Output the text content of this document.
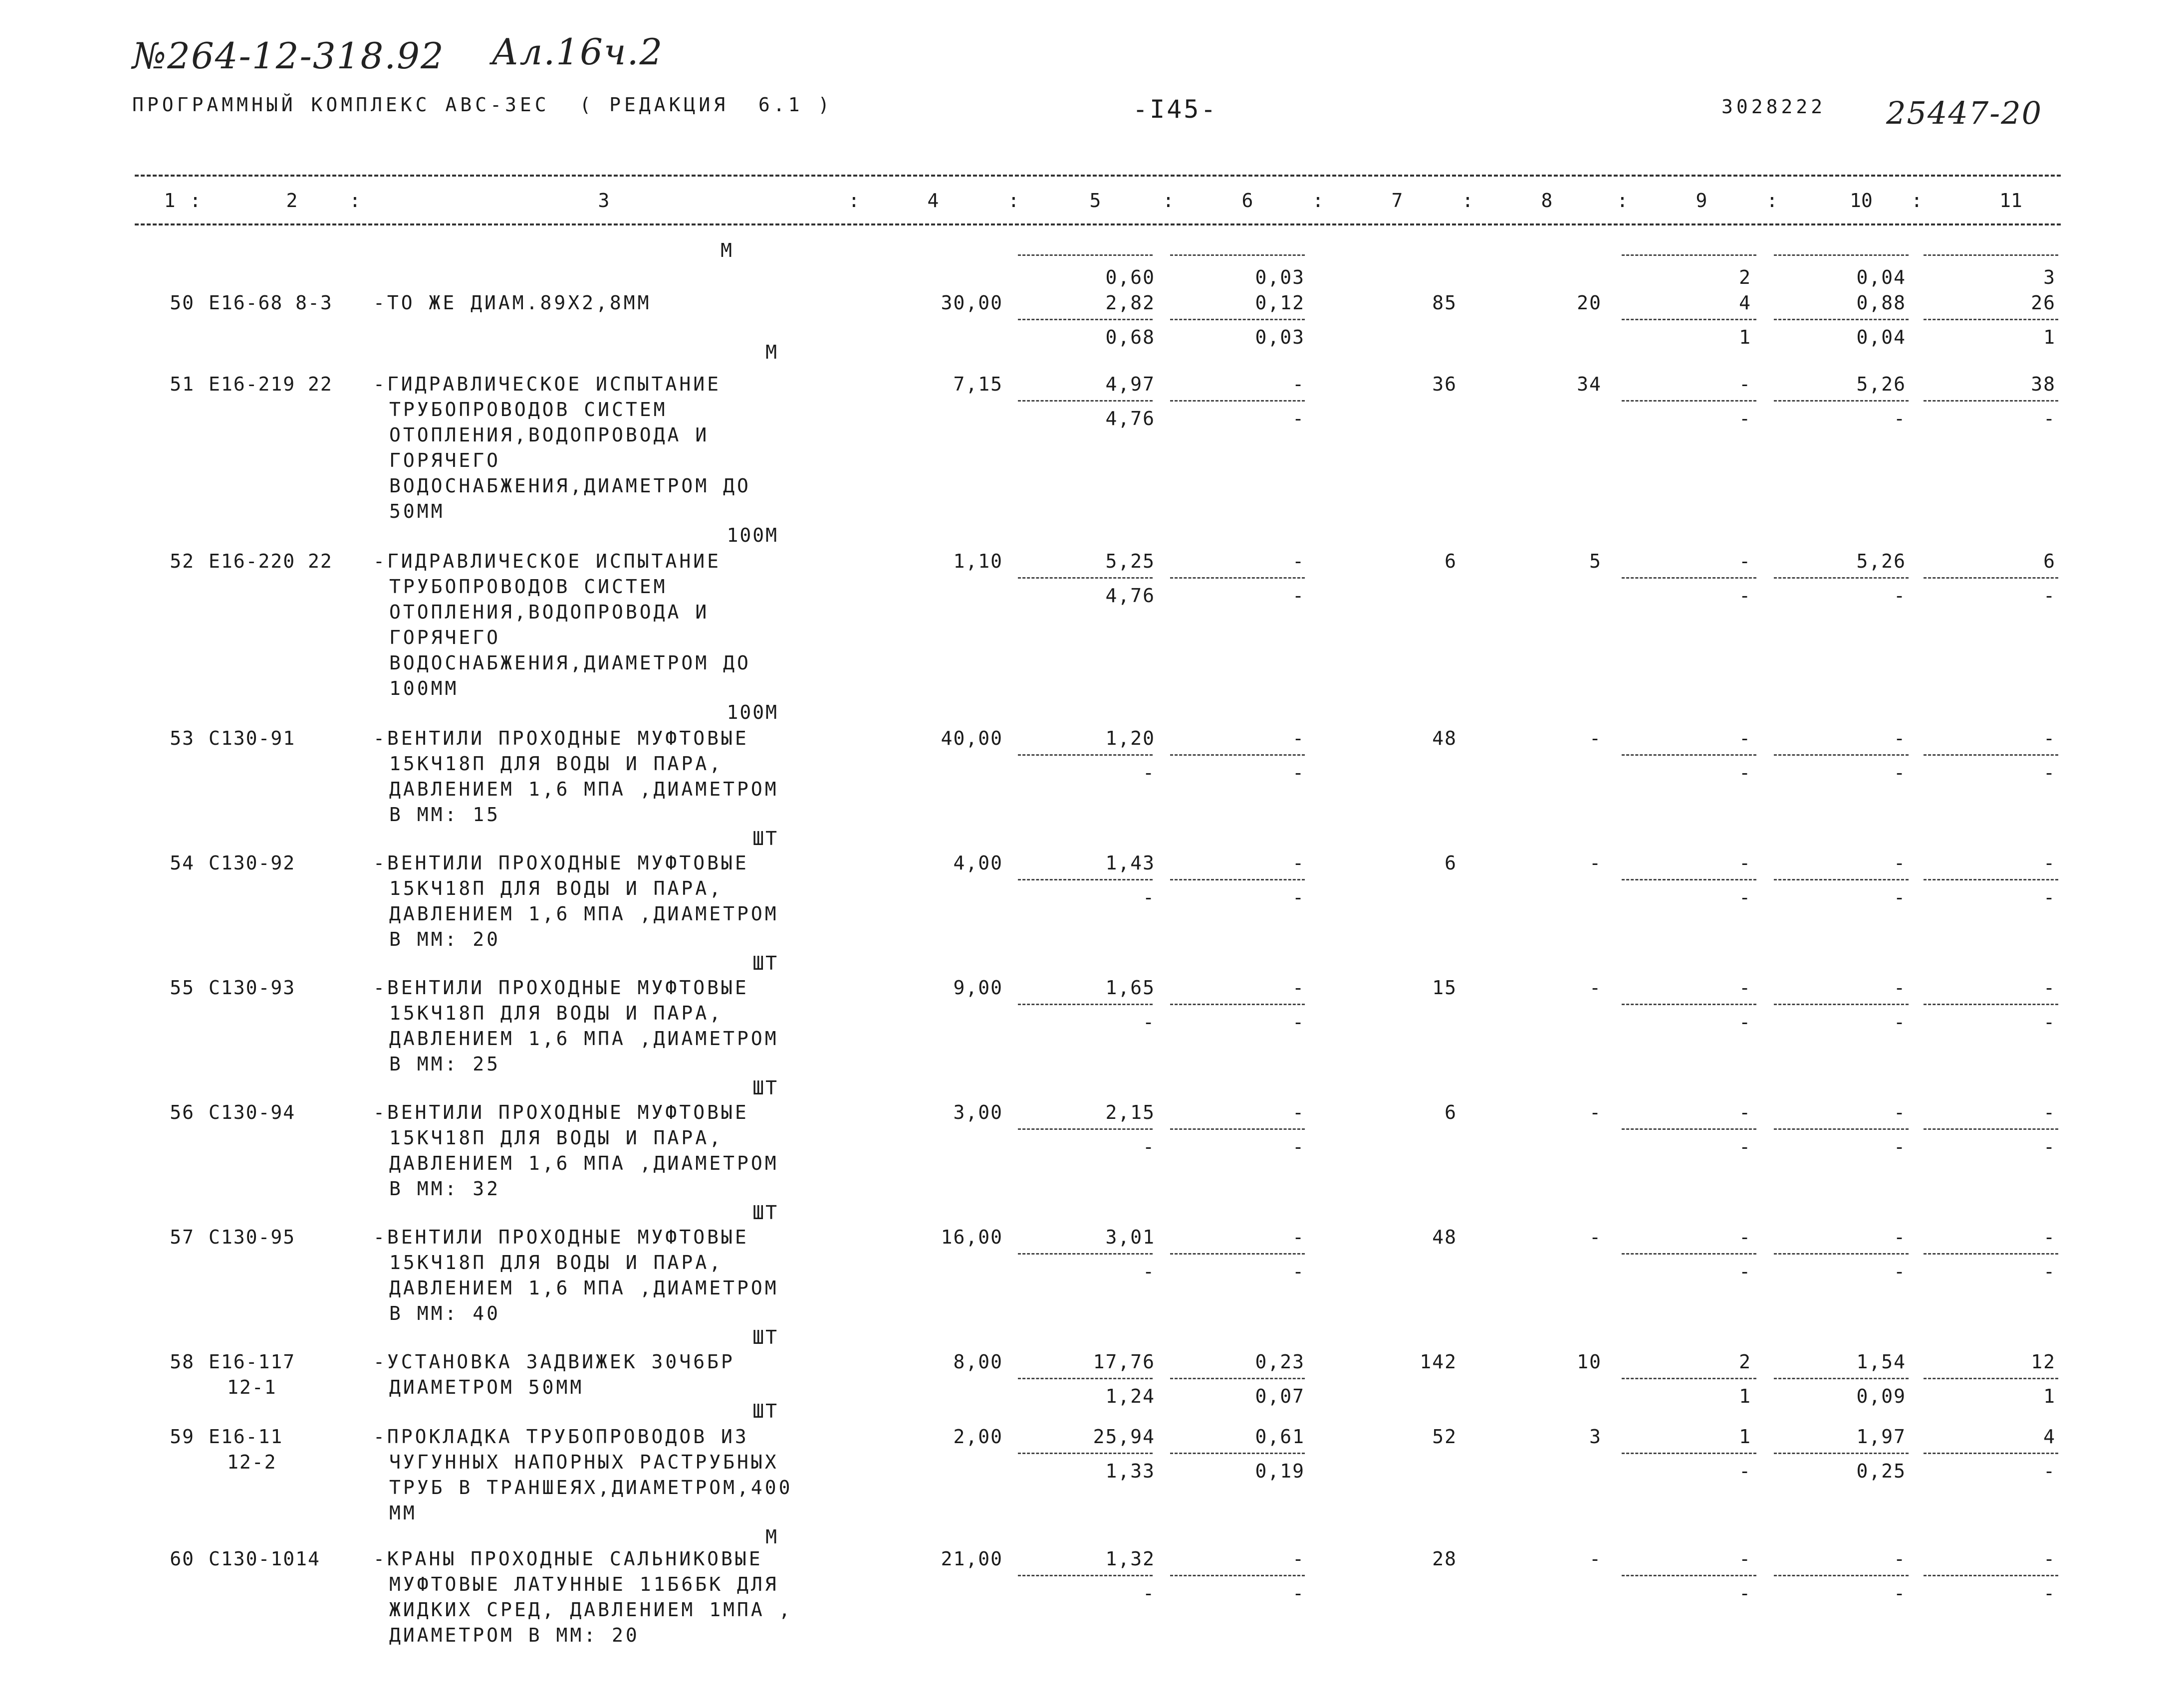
№264-12-318.92 Ал.16ч.2
25447-20
ПРОГРАММНЫЙ КОМПЛЕКС АВС-3ЕС  ( РЕДАКЦИЯ  6.1 )	-I45-	3028222
1	2	3	4	5	6	7	8	9	10	11
:	:	:	:	:	:	:	:	:	:
М
0,60	0,03	2	0,04	3
50 Е16-68 8-3 -ТО ЖЕ ДИАМ.89Х2,8ММ	30,00	2,82	0,12	85	20	4	0,88	26
0,68	0,03	1	0,04	1
М
51 Е16-219 22 -ГИДРАВЛИЧЕСКОЕ ИСПЫТАНИЕ
ТРУБОПРОВОДОВ СИСТЕМ
ОТОПЛЕНИЯ,ВОДОПРОВОДА И
ГОРЯЧЕГО
ВОДОСНАБЖЕНИЯ,ДИАМЕТРОМ ДО
50ММ
7,15	4,97	-	36	34	-	5,26	38
4,76	-	-	-	-
100М
52 Е16-220 22 -ГИДРАВЛИЧЕСКОЕ ИСПЫТАНИЕ
ТРУБОПРОВОДОВ СИСТЕМ
ОТОПЛЕНИЯ,ВОДОПРОВОДА И
ГОРЯЧЕГО
ВОДОСНАБЖЕНИЯ,ДИАМЕТРОМ ДО
100ММ
1,10	5,25	-	6	5	-	5,26	6
4,76	-	-	-	-
100М
53 С130-91	-ВЕНТИЛИ ПРОХОДНЫЕ МУФТОВЫЕ
15КЧ18П ДЛЯ ВОДЫ И ПАРА,
ДАВЛЕНИЕМ 1,6 МПА ,ДИАМЕТРОМ
В ММ: 15
40,00	1,20	-	48	-	-	-	-
-	-	-	-	-
ШТ
54 С130-92	-ВЕНТИЛИ ПРОХОДНЫЕ МУФТОВЫЕ
15КЧ18П ДЛЯ ВОДЫ И ПАРА,
ДАВЛЕНИЕМ 1,6 МПА ,ДИАМЕТРОМ
В ММ: 20
4,00	1,43	-	6	-	-	-	-
-	-	-	-	-
ШТ
55 С130-93	-ВЕНТИЛИ ПРОХОДНЫЕ МУФТОВЫЕ
15КЧ18П ДЛЯ ВОДЫ И ПАРА,
ДАВЛЕНИЕМ 1,6 МПА ,ДИАМЕТРОМ
В ММ: 25
9,00	1,65	-	15	-	-	-	-
-	-	-	-	-
ШТ
56 С130-94	-ВЕНТИЛИ ПРОХОДНЫЕ МУФТОВЫЕ
15КЧ18П ДЛЯ ВОДЫ И ПАРА,
ДАВЛЕНИЕМ 1,6 МПА ,ДИАМЕТРОМ
В ММ: 32
3,00	2,15	-	6	-	-	-	-
-	-	-	-	-
ШТ
57 С130-95	-ВЕНТИЛИ ПРОХОДНЫЕ МУФТОВЫЕ
15КЧ18П ДЛЯ ВОДЫ И ПАРА,
ДАВЛЕНИЕМ 1,6 МПА ,ДИАМЕТРОМ
В ММ: 40
16,00	3,01	-	48	-	-	-	-
-	-	-	-	-
ШТ
58 Е16-117
12-1
-УСТАНОВКА ЗАДВИЖЕК 30Ч6БР
ДИАМЕТРОМ 50ММ
8,00	17,76	0,23	142	10	2	1,54	12
1,24	0,07	1	0,09	1
ШТ
59 Е16-11
12-2
-ПРОКЛАДКА ТРУБОПРОВОДОВ ИЗ
ЧУГУННЫХ НАПОРНЫХ РАСТРУБНЫХ
ТРУБ В ТРАНШЕЯХ,ДИАМЕТРОМ,400
ММ
2,00	25,94	0,61	52	3	1	1,97	4
1,33	0,19	-	0,25	-
М
60 С130-1014	-КРАНЫ ПРОХОДНЫЕ САЛЬНИКОВЫЕ
МУФТОВЫЕ ЛАТУННЫЕ 11Б6БК ДЛЯ
ЖИДКИХ СРЕД, ДАВЛЕНИЕМ 1МПА ,
ДИАМЕТРОМ В ММ: 20
21,00	1,32	-	28	-	-	-	-
-	-	-	-	-
